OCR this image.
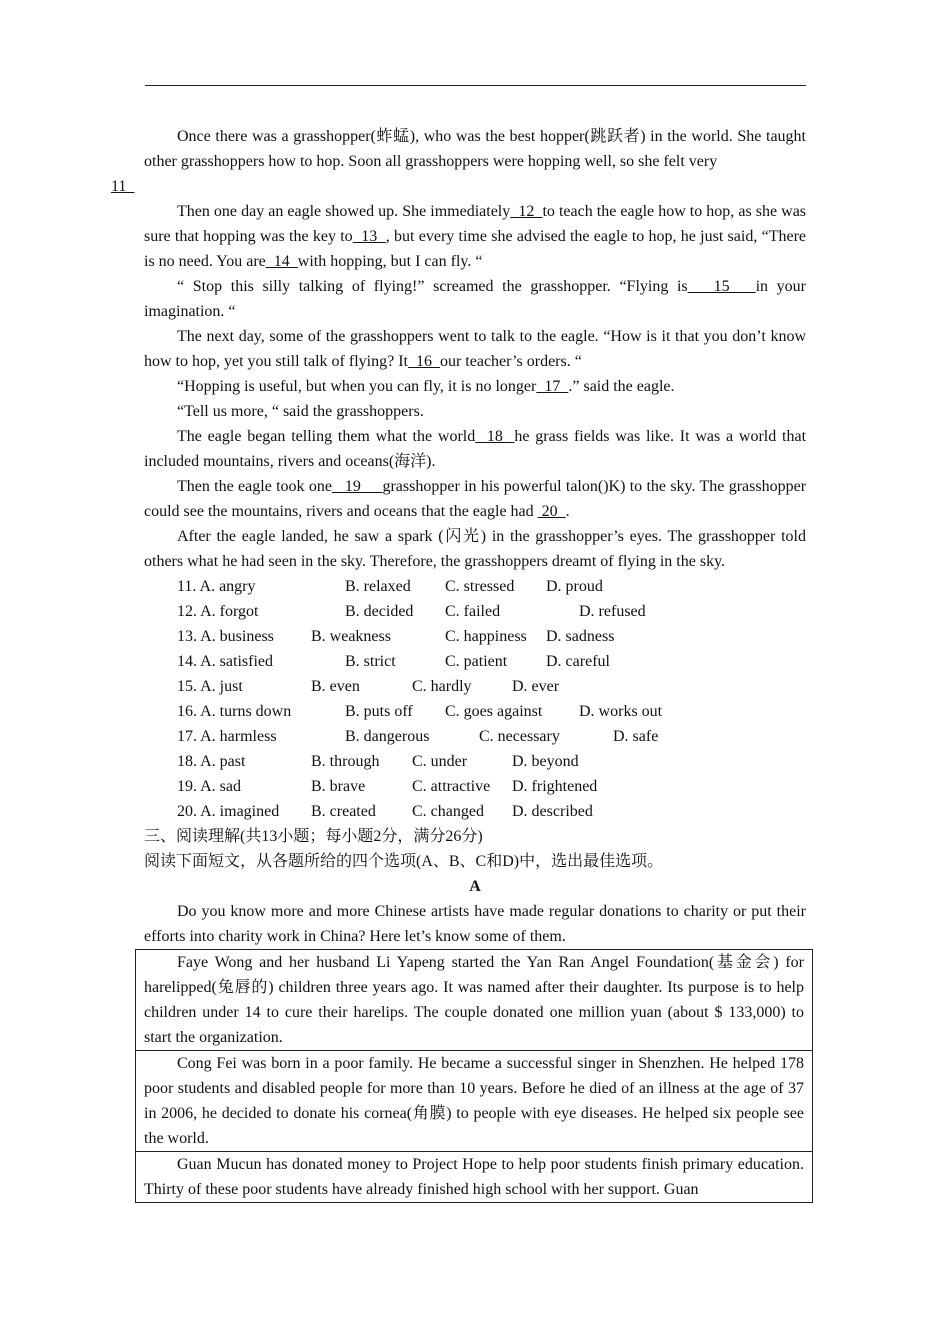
Once there was a grasshopper(蚱蜢), who was the best hopper(跳跃者) in the world. She taught other grasshoppers how to hop. Soon all grasshoppers were hopping well, so she felt very
11

Then one day an eagle showed up. She immediately  12  to teach the eagle how to hop, as she was sure that hopping was the key to  13  , but every time she advised the eagle to hop, he just said, “There is no need. You are  14  with hopping, but I can fly. “

“ Stop this silly talking of flying!” screamed the grasshopper. “Flying is   15   in your imagination. “

The next day, some of the grasshoppers went to talk to the eagle. “How is it that you don’t know how to hop, yet you still talk of flying? It  16  our teacher’s orders. “

“Hopping is useful, but when you can fly, it is no longer  17  .” said the eagle.

“Tell us more, “ said the grasshoppers.

The eagle began telling them what the world  18  he grass fields was like. It was a world that included mountains, rivers and oceans(海洋).

Then the eagle took one   19     grasshopper in his powerful talon()K) to the sky. The grasshopper could see the mountains, rivers and oceans that the eagle had  20  .

After the eagle landed, he saw a spark (闪光) in the grasshopper’s eyes. The grasshopper told others what he had seen in the sky. Therefore, the grasshoppers dreamt of flying in the sky.

11. A. angry	B. relaxed C. stressed D. proud
12. A. forgot	B. decided C. failed	D. refused
13. A. business B. weakness	C. happiness D. sadness
14. A. satisfied	B. strict	C. patient D. careful
15. A. just	B. even	C. hardly	D. ever
16. A. turns down	B. puts off C. goes against D. works out
17. A. harmless	B. dangerous	C. necessary	D. safe
18. A. past	B. through C. under	D. beyond
19. A. sad	B. brave	C. attractive D. frightened
20. A. imagined B. created C. changed D. described

三、阅读理解(共13小题；每小题2分，满分26分)

阅读下面短文，从各题所给的四个选项(A、B、C和D)中，选出最佳选项。

A

Do you know more and more Chinese artists have made regular donations to charity or put their efforts into charity work in China? Here let’s know some of them.

Faye Wong and her husband Li Yapeng started the Yan Ran Angel Foundation(基金会) for harelipped(兔唇的) children three years ago. It was named after their daughter. Its purpose is to help children under 14 to cure their harelips. The couple donated one million yuan (about $ 133,000) to start the organization.
Cong Fei was born in a poor family. He became a successful singer in Shenzhen. He helped 178 poor students and disabled people for more than 10 years. Before he died of an illness at the age of 37 in 2006, he decided to donate his cornea(角膜) to people with eye diseases. He helped six people see the world.
Guan Mucun has donated money to Project Hope to help poor students finish primary education. Thirty of these poor students have already finished high school with her support. Guan
